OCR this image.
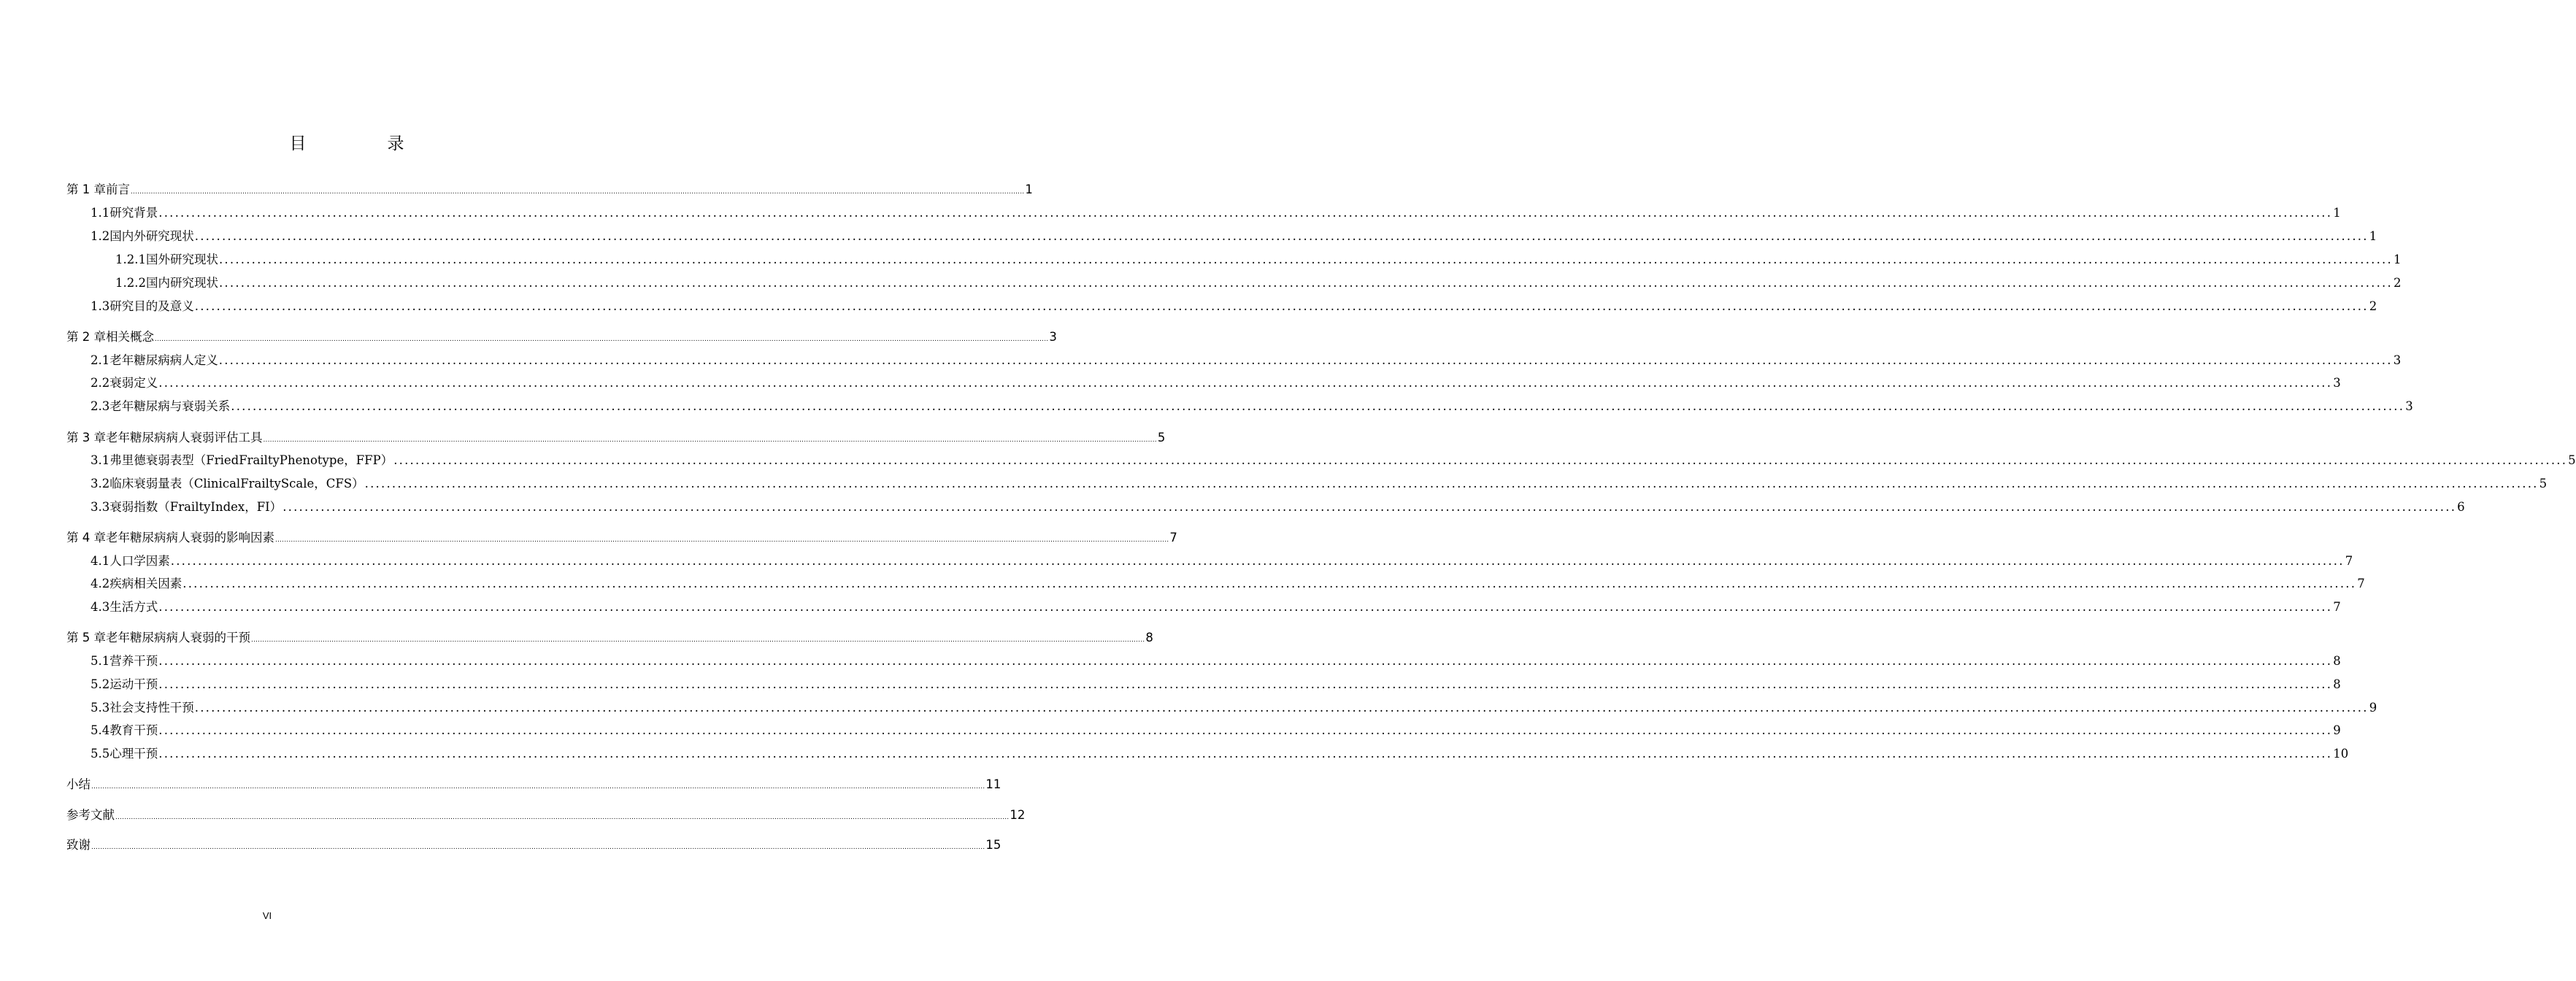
目　录
第 1 章 前言 ................................................................................................................................................................................................................................................................................................................................................................................................................ 1
1.1 研究背景 ................................................................................................................................................................................................................................................................................................................................................................................................................ 1
1.2 国内外研究现状 ................................................................................................................................................................................................................................................................................................................................................................................................................ 1
1.2.1 国外研究现状 ................................................................................................................................................................................................................................................................................................................................................................................................................ 1
1.2.2 国内研究现状 ................................................................................................................................................................................................................................................................................................................................................................................................................ 2
1.3 研究目的及意义 ................................................................................................................................................................................................................................................................................................................................................................................................................ 2
第 2 章 相关概念 ................................................................................................................................................................................................................................................................................................................................................................................................................ 3
2.1 老年糖尿病病人定义 ................................................................................................................................................................................................................................................................................................................................................................................................................ 3
2.2 衰弱定义 ................................................................................................................................................................................................................................................................................................................................................................................................................ 3
2.3 老年糖尿病与衰弱关系 ................................................................................................................................................................................................................................................................................................................................................................................................................ 3
第 3 章 老年糖尿病病人衰弱评估工具 ................................................................................................................................................................................................................................................................................................................................................................................................................ 5
3.1 弗里德衰弱表型（FriedFrailtyPhenotype，FFP） ................................................................................................................................................................................................................................................................................................................................................................................................................ 5
3.2 临床衰弱量表（ClinicalFrailtyScale，CFS） ................................................................................................................................................................................................................................................................................................................................................................................................................ 5
3.3 衰弱指数（FrailtyIndex，FI） ................................................................................................................................................................................................................................................................................................................................................................................................................ 6
第 4 章 老年糖尿病病人衰弱的影响因素 ................................................................................................................................................................................................................................................................................................................................................................................................................ 7
4.1 人口学因素 ................................................................................................................................................................................................................................................................................................................................................................................................................ 7
4.2 疾病相关因素 ................................................................................................................................................................................................................................................................................................................................................................................................................ 7
4.3 生活方式 ................................................................................................................................................................................................................................................................................................................................................................................................................ 7
第 5 章 老年糖尿病病人衰弱的干预 ................................................................................................................................................................................................................................................................................................................................................................................................................ 8
5.1 营养干预 ................................................................................................................................................................................................................................................................................................................................................................................................................ 8
5.2 运动干预 ................................................................................................................................................................................................................................................................................................................................................................................................................ 8
5.3 社会支持性干预 ................................................................................................................................................................................................................................................................................................................................................................................................................ 9
5.4 教育干预 ................................................................................................................................................................................................................................................................................................................................................................................................................ 9
5.5 心理干预 ................................................................................................................................................................................................................................................................................................................................................................................................................ 10
小结 ................................................................................................................................................................................................................................................................................................................................................................................................................ 11
参考文献 ................................................................................................................................................................................................................................................................................................................................................................................................................ 12
致谢 ................................................................................................................................................................................................................................................................................................................................................................................................................ 15
VI
